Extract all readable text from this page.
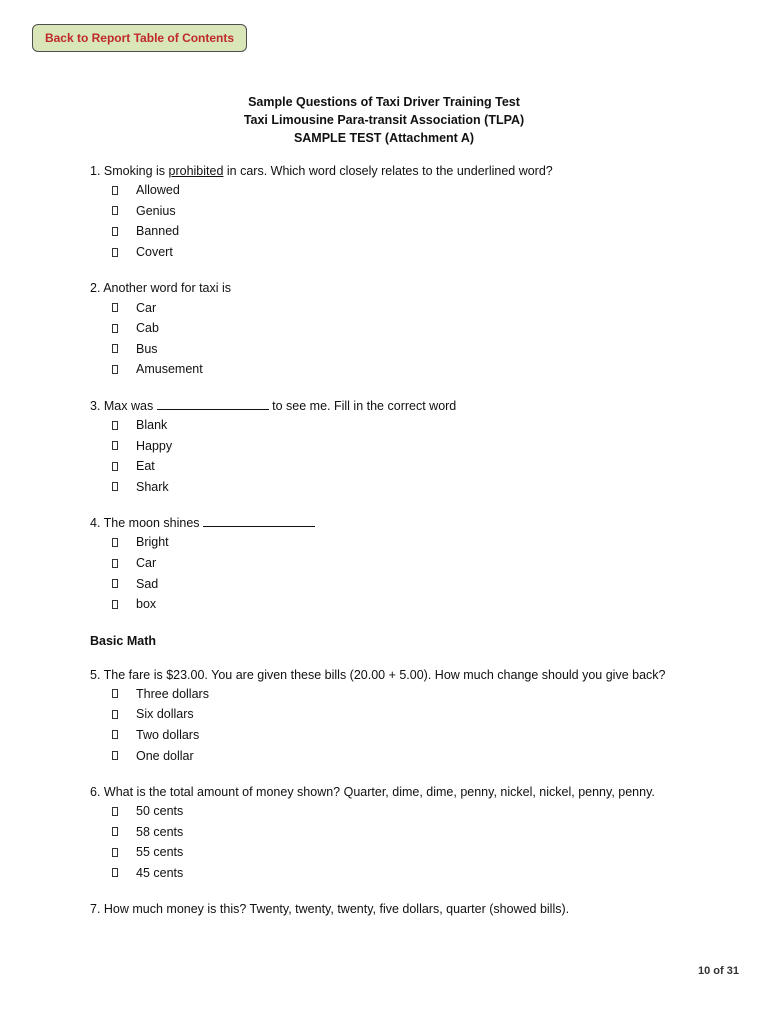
Back to Report Table of Contents
Sample Questions of Taxi Driver Training Test
Taxi Limousine Para-transit Association (TLPA)
SAMPLE TEST (Attachment A)
1. Smoking is prohibited in cars. Which word closely relates to the underlined word?
Allowed
Genius
Banned
Covert
2. Another word for taxi is
Car
Cab
Bus
Amusement
3. Max was	to see me. Fill in the correct word
Blank
Happy
Eat
Shark
4. The moon shines
Bright
Car
Sad
box
Basic Math
5. The fare is $23.00. You are given these bills (20.00 + 5.00). How much change should you give back?
Three dollars
Six dollars
Two dollars
One dollar
6. What is the total amount of money shown? Quarter, dime, dime, penny, nickel, nickel, penny, penny.
50 cents
58 cents
55 cents
45 cents
7. How much money is this? Twenty, twenty, twenty, five dollars, quarter (showed bills).
10 of 31
